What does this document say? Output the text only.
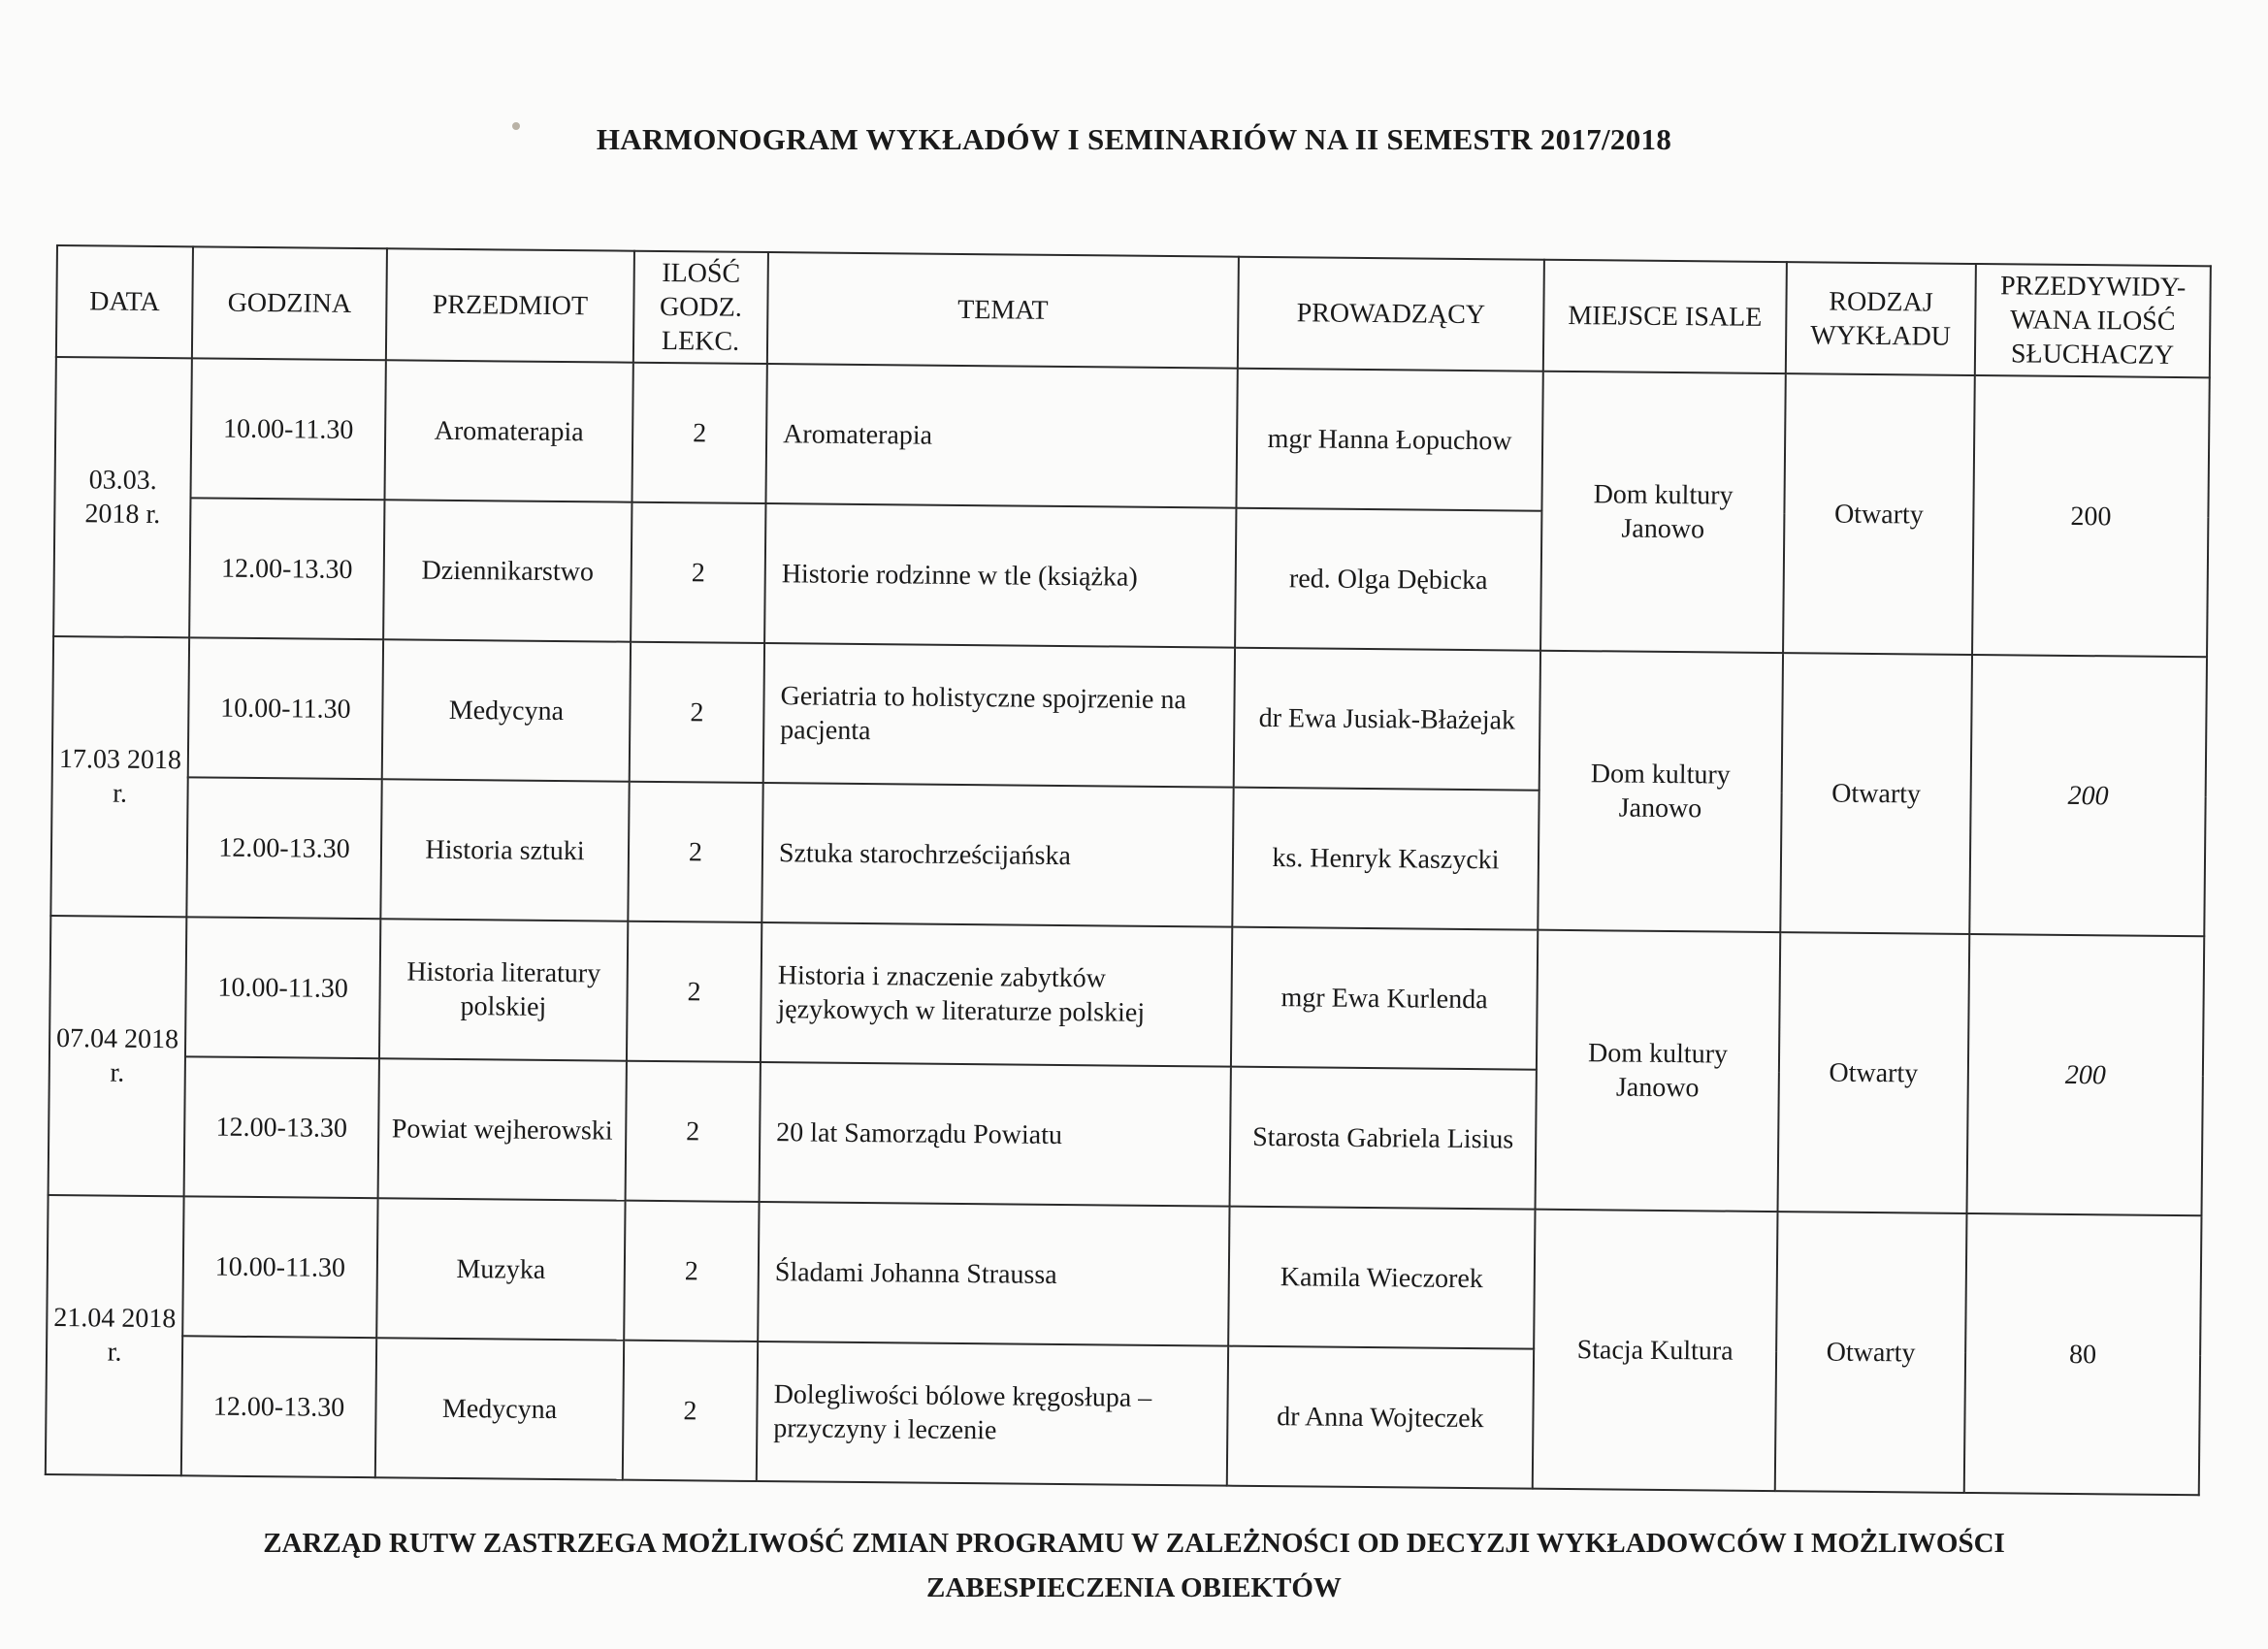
HARMONOGRAM WYKŁADÓW I SEMINARIÓW NA II SEMESTR 2017/2018
DATA	GODZINA	PRZEDMIOT	ILOŚĆ GODZ. LEKC.	TEMAT	PROWADZĄCY	MIEJSCE ISALE	RODZAJ WYKŁADU	PRZEDYWIDY-WANA ILOŚĆ SŁUCHACZY
03.03. 2018 r.	10.00-11.30	Aromaterapia	2	Aromaterapia	mgr Hanna Łopuchow	Dom kultury Janowo	Otwarty	200
	12.00-13.30	Dziennikarstwo	2	Historie rodzinne w tle (książka)	red. Olga Dębicka			
17.03 2018 r.	10.00-11.30	Medycyna	2	Geriatria to holistyczne spojrzenie na pacjenta	dr Ewa Jusiak-Błażejak	Dom kultury Janowo	Otwarty	200
	12.00-13.30	Historia sztuki	2	Sztuka starochrześcijańska	ks. Henryk Kaszycki			
07.04 2018 r.	10.00-11.30	Historia literatury polskiej	2	Historia i znaczenie zabytków językowych w literaturze polskiej	mgr Ewa Kurlenda	Dom kultury Janowo	Otwarty	200
	12.00-13.30	Powiat wejherowski	2	20 lat Samorządu Powiatu	Starosta Gabriela Lisius			
21.04 2018 r.	10.00-11.30	Muzyka	2	Śladami Johanna Straussa	Kamila Wieczorek	Stacja Kultura	Otwarty	80
	12.00-13.30	Medycyna	2	Dolegliwości bólowe kręgosłupa – przyczyny i leczenie	dr Anna Wojteczek			
ZARZĄD RUTW ZASTRZEGA MOŻLIWOŚĆ ZMIAN PROGRAMU W ZALEŻNOŚCI OD DECYZJI WYKŁADOWCÓW I MOŻLIWOŚCI
ZABESPIECZENIA OBIEKTÓW
